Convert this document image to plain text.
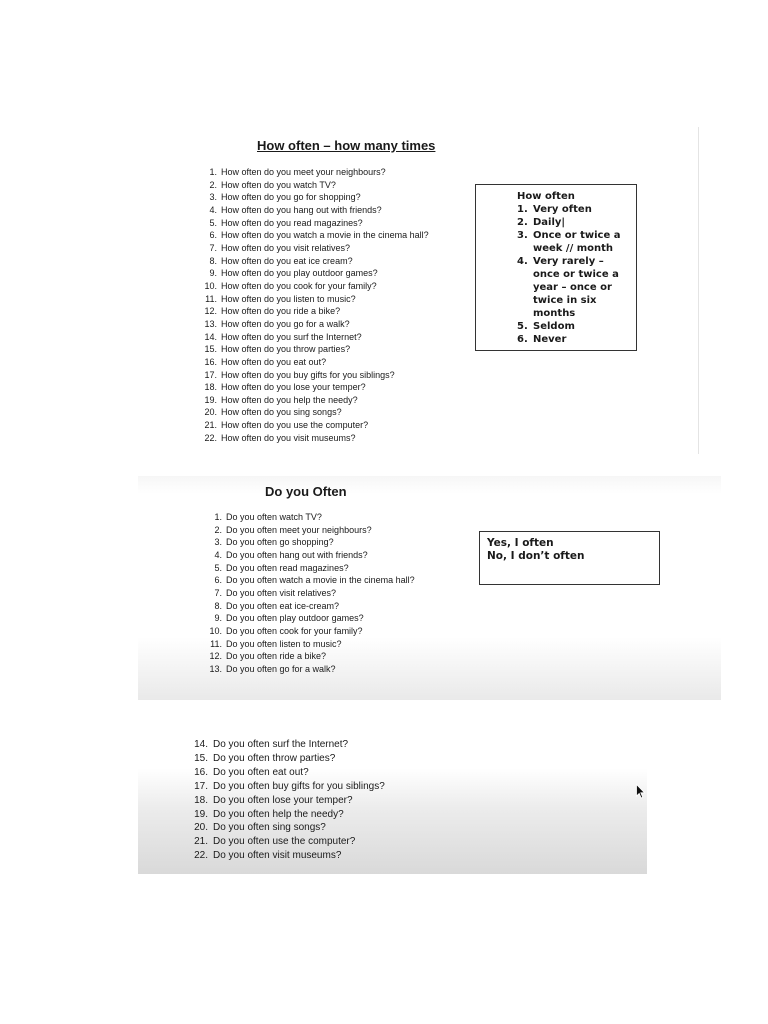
How often – how many times
1. How often do you meet your neighbours?
2. How often do you watch TV?
3. How often do you go for shopping?
4. How often do you hang out with friends?
5. How often do you read magazines?
6. How often do you watch a movie in the cinema hall?
7. How often do you visit relatives?
8. How often do you eat ice cream?
9. How often do you play outdoor games?
10. How often do you cook for your family?
11. How often do you listen to music?
12. How often do you ride a bike?
13. How often do you go for a walk?
14. How often do you surf the Internet?
15. How often do you throw parties?
16. How often do you eat out?
17. How often do you buy gifts for you siblings?
18. How often do you lose your temper?
19. How often do you help the needy?
20. How often do you sing songs?
21. How often do you use the computer?
22. How often do you visit museums?
How often
1. Very often
2. Daily|
3. Once or twice a week // month
4. Very rarely – once or twice a year – once or twice in six months
5. Seldom
6. Never
Do you Often
1. Do you often watch TV?
2. Do you often meet your neighbours?
3. Do you often go shopping?
4. Do you often hang out with friends?
5. Do you often read magazines?
6. Do you often watch a movie in the cinema hall?
7. Do you often visit relatives?
8. Do you often eat ice-cream?
9. Do you often play outdoor games?
10. Do you often cook for your family?
11. Do you often listen to music?
12. Do you often ride a bike?
13. Do you often go for a walk?
Yes, I often
No, I don’t often
14. Do you often surf the Internet?
15. Do you often throw parties?
16. Do you often eat out?
17. Do you often buy gifts for you siblings?
18. Do you often lose your temper?
19. Do you often help the needy?
20. Do you often sing songs?
21. Do you often use the computer?
22. Do you often visit museums?
